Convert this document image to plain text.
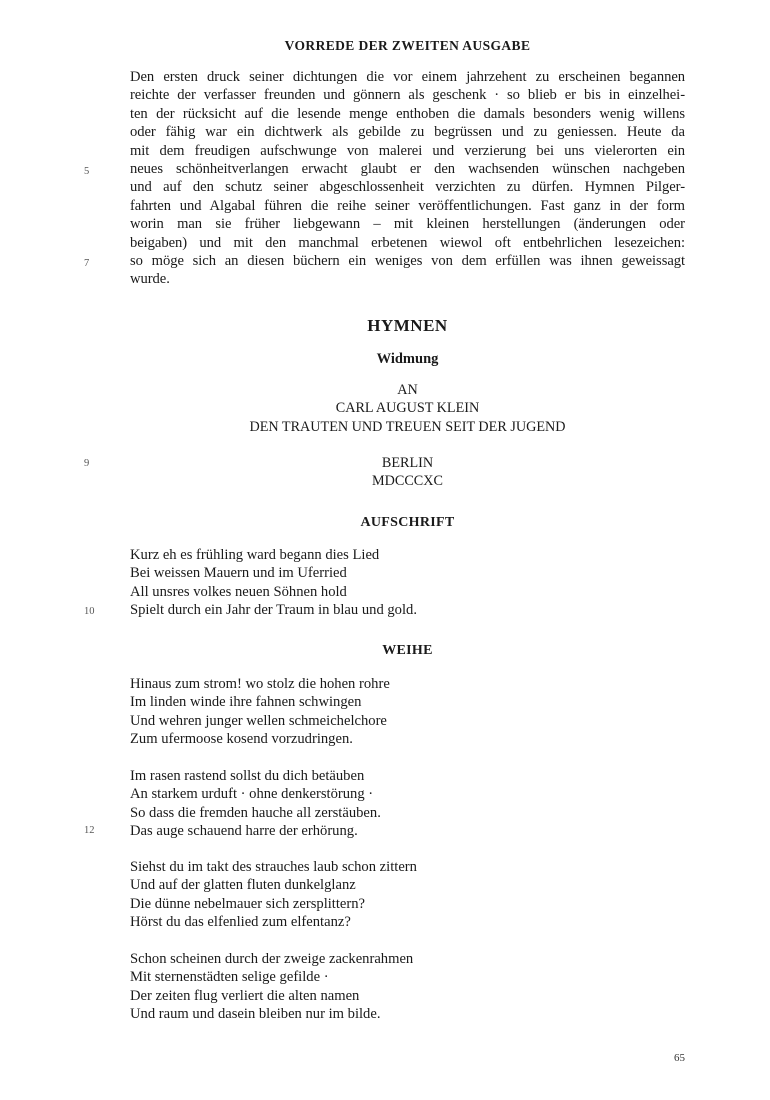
VORREDE DER ZWEITEN AUSGABE
Den ersten druck seiner dichtungen die vor einem jahrzehent zu erscheinen begannen
reichte der verfasser freunden und gönnern als geschenk · so blieb er bis in einzelhei-
ten der rücksicht auf die lesende menge enthoben die damals besonders wenig willens
oder fähig war ein dichtwerk als gebilde zu begrüssen und zu geniessen. Heute da
mit dem freudigen aufschwunge von malerei und verzierung bei uns vielerorten ein
neues schönheitverlangen erwacht glaubt er den wachsenden wünschen nachgeben
und auf den schutz seiner abgeschlossenheit verzichten zu dürfen. Hymnen Pilger-
fahrten und Algabal führen die reihe seiner veröffentlichungen. Fast ganz in der form
worin man sie früher liebgewann – mit kleinen herstellungen (änderungen oder
beigaben) und mit den manchmal erbetenen wiewol oft entbehrlichen lesezeichen:
so möge sich an diesen büchern ein weniges von dem erfüllen was ihnen geweissagt
wurde.
5
7
HYMNEN
Widmung
AN
CARL AUGUST KLEIN
DEN TRAUTEN UND TREUEN SEIT DER JUGEND
9	BERLIN
MDCCCXC
AUFSCHRIFT
Kurz eh es frühling ward begann dies Lied
Bei weissen Mauern und im Uferried
All unsres volkes neuen Söhnen hold
Spielt durch ein Jahr der Traum in blau und gold.
10
WEIHE
Hinaus zum strom! wo stolz die hohen rohre
Im linden winde ihre fahnen schwingen
Und wehren junger wellen schmeichelchore
Zum ufermoose kosend vorzudringen.
Im rasen rastend sollst du dich betäuben
An starkem urduft · ohne denkerstörung ·
So dass die fremden hauche all zerstäuben.
Das auge schauend harre der erhörung.
12
Siehst du im takt des strauches laub schon zittern
Und auf der glatten fluten dunkelglanz
Die dünne nebelmauer sich zersplittern?
Hörst du das elfenlied zum elfentanz?
Schon scheinen durch der zweige zackenrahmen
Mit sternenstädten selige gefilde ·
Der zeiten flug verliert die alten namen
Und raum und dasein bleiben nur im bilde.
65
